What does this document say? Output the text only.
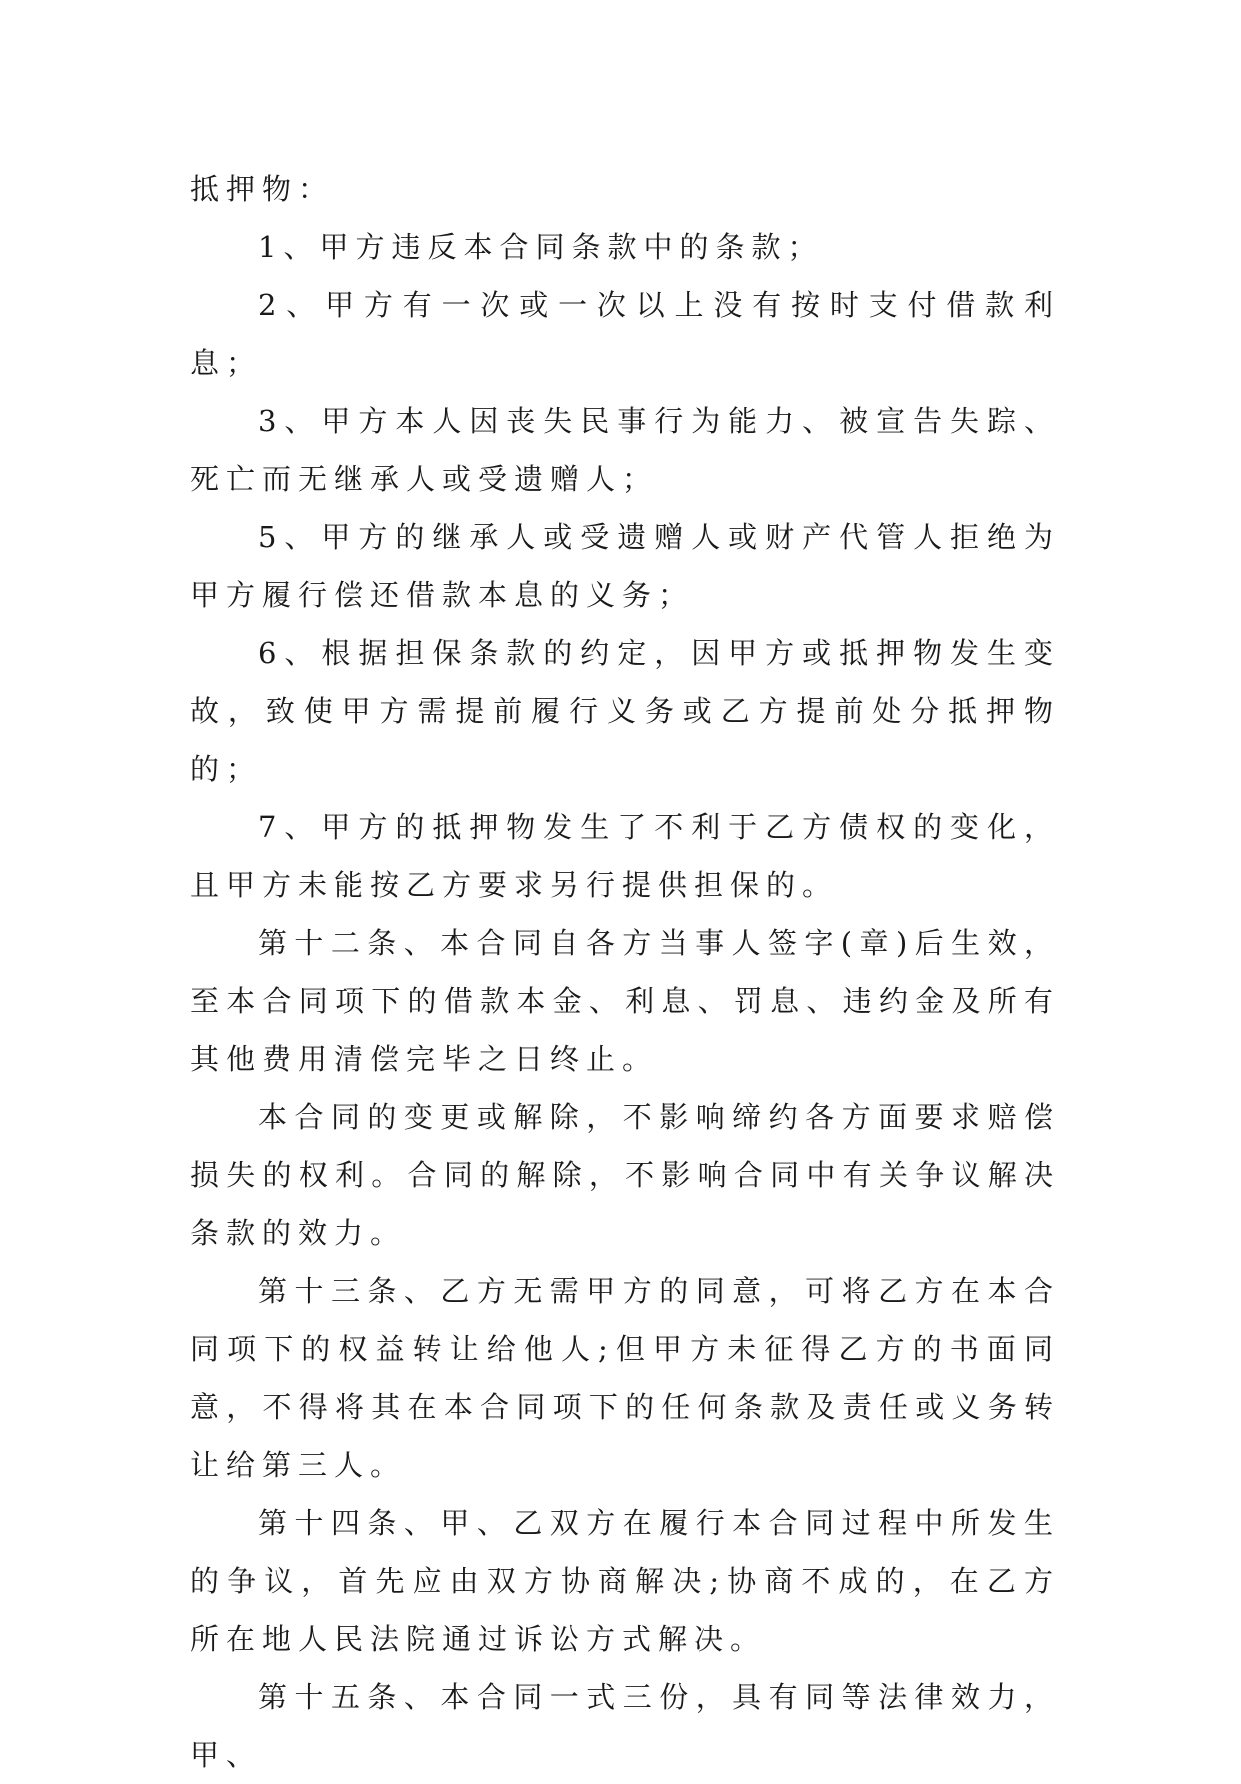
抵押物：

1、甲方违反本合同条款中的条款；

2、甲方有一次或一次以上没有按时支付借款利息；

3、甲方本人因丧失民事行为能力、被宣告失踪、死亡而无继承人或受遗赠人；

5、甲方的继承人或受遗赠人或财产代管人拒绝为甲方履行偿还借款本息的义务；

6、根据担保条款的约定，因甲方或抵押物发生变故，致使甲方需提前履行义务或乙方提前处分抵押物的；

7、甲方的抵押物发生了不利于乙方债权的变化，且甲方未能按乙方要求另行提供担保的。

第十二条、本合同自各方当事人签字(章)后生效，至本合同项下的借款本金、利息、罚息、违约金及所有其他费用清偿完毕之日终止。

本合同的变更或解除，不影响缔约各方面要求赔偿损失的权利。合同的解除，不影响合同中有关争议解决条款的效力。

第十三条、乙方无需甲方的同意，可将乙方在本合同项下的权益转让给他人;但甲方未征得乙方的书面同意，不得将其在本合同项下的任何条款及责任或义务转让给第三人。

第十四条、甲、乙双方在履行本合同过程中所发生的争议，首先应由双方协商解决;协商不成的，在乙方所在地人民法院通过诉讼方式解决。

第十五条、本合同一式三份，具有同等法律效力，甲、
